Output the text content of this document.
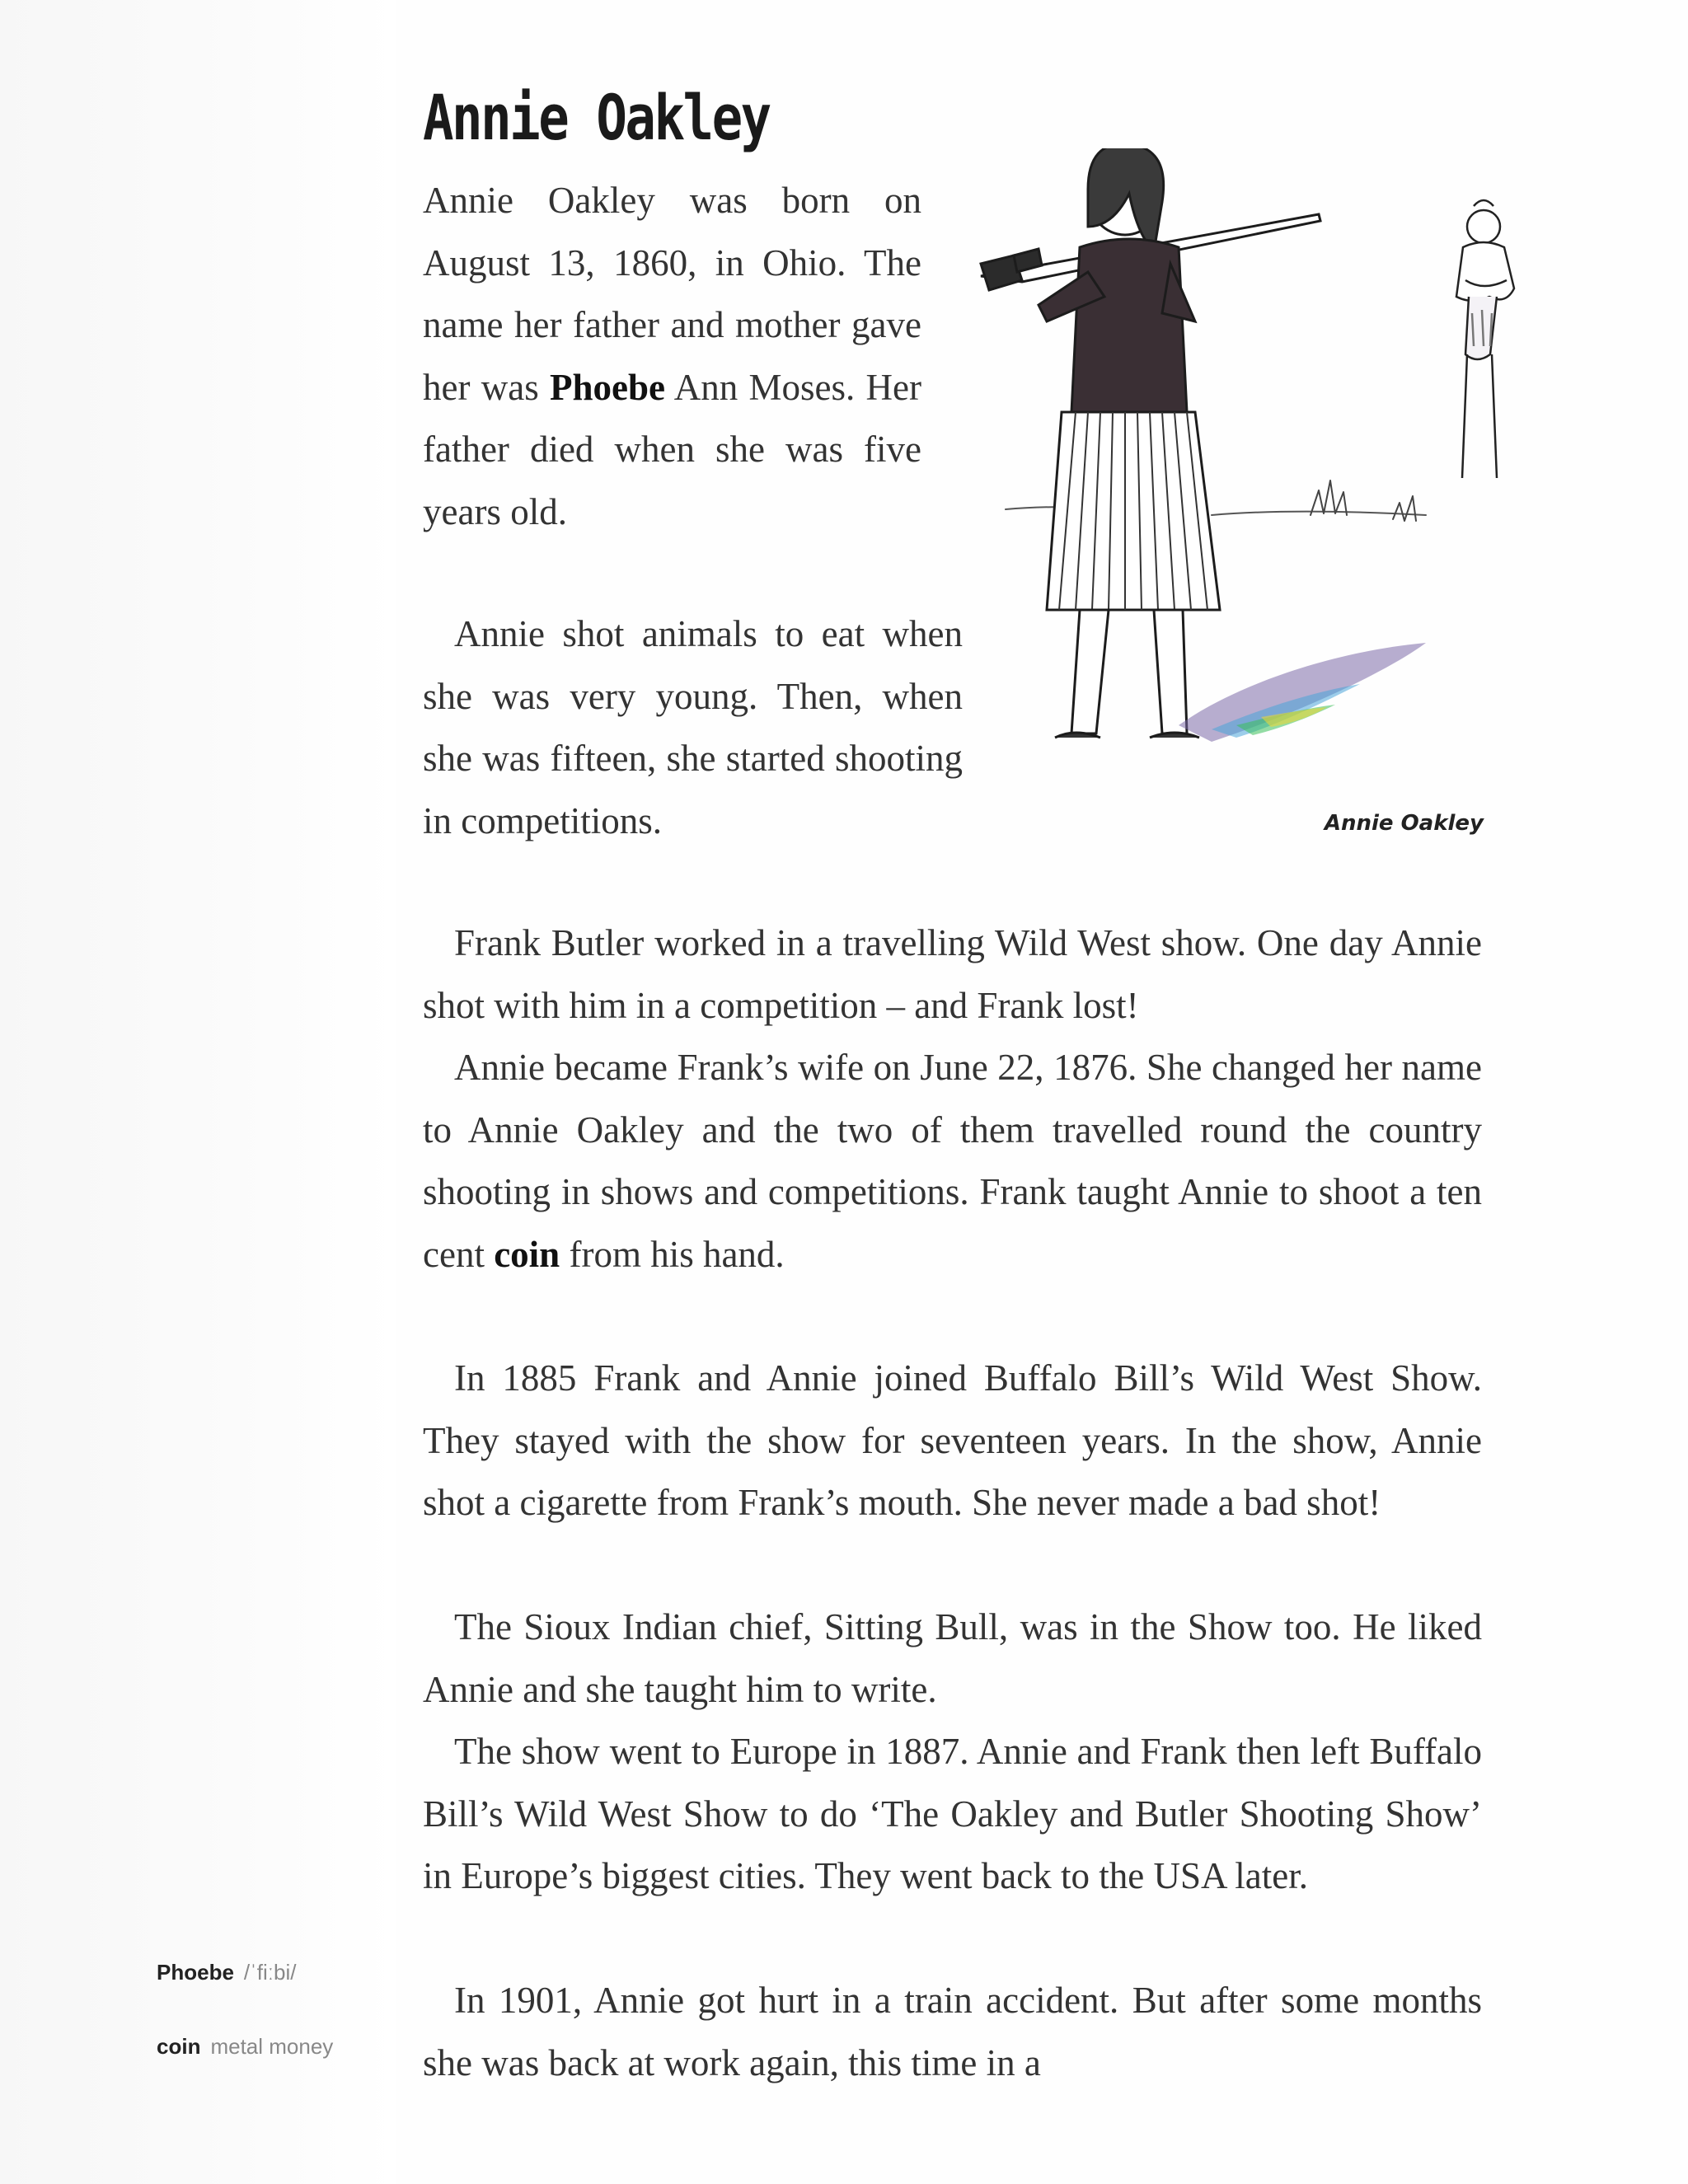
Annie Oakley

Annie Oakley was born on August 13, 1860, in Ohio. The name her father and mother gave her was Phoebe Ann Moses. Her father died when she was five years old.

Annie shot animals to eat when she was very young. Then, when she was fifteen, she started shooting in competitions.

Frank Butler worked in a travelling Wild West show. One day Annie shot with him in a competition – and Frank lost!

Annie became Frank’s wife on June 22, 1876. She changed her name to Annie Oakley and the two of them travelled round the country shooting in shows and competitions. Frank taught Annie to shoot a ten cent coin from his hand.

In 1885 Frank and Annie joined Buffalo Bill’s Wild West Show. They stayed with the show for seventeen years. In the show, Annie shot a cigarette from Frank’s mouth. She never made a bad shot!

The Sioux Indian chief, Sitting Bull, was in the Show too. He liked Annie and she taught him to write.

The show went to Europe in 1887. Annie and Frank then left Buffalo Bill’s Wild West Show to do ‘The Oakley and Butler Shooting Show’ in Europe’s biggest cities. They went back to the USA later.

In 1901, Annie got hurt in a train accident. But after some months she was back at work again, this time in a

Annie Oakley
Phoebe /ˈfiːbi/
coin metal money
